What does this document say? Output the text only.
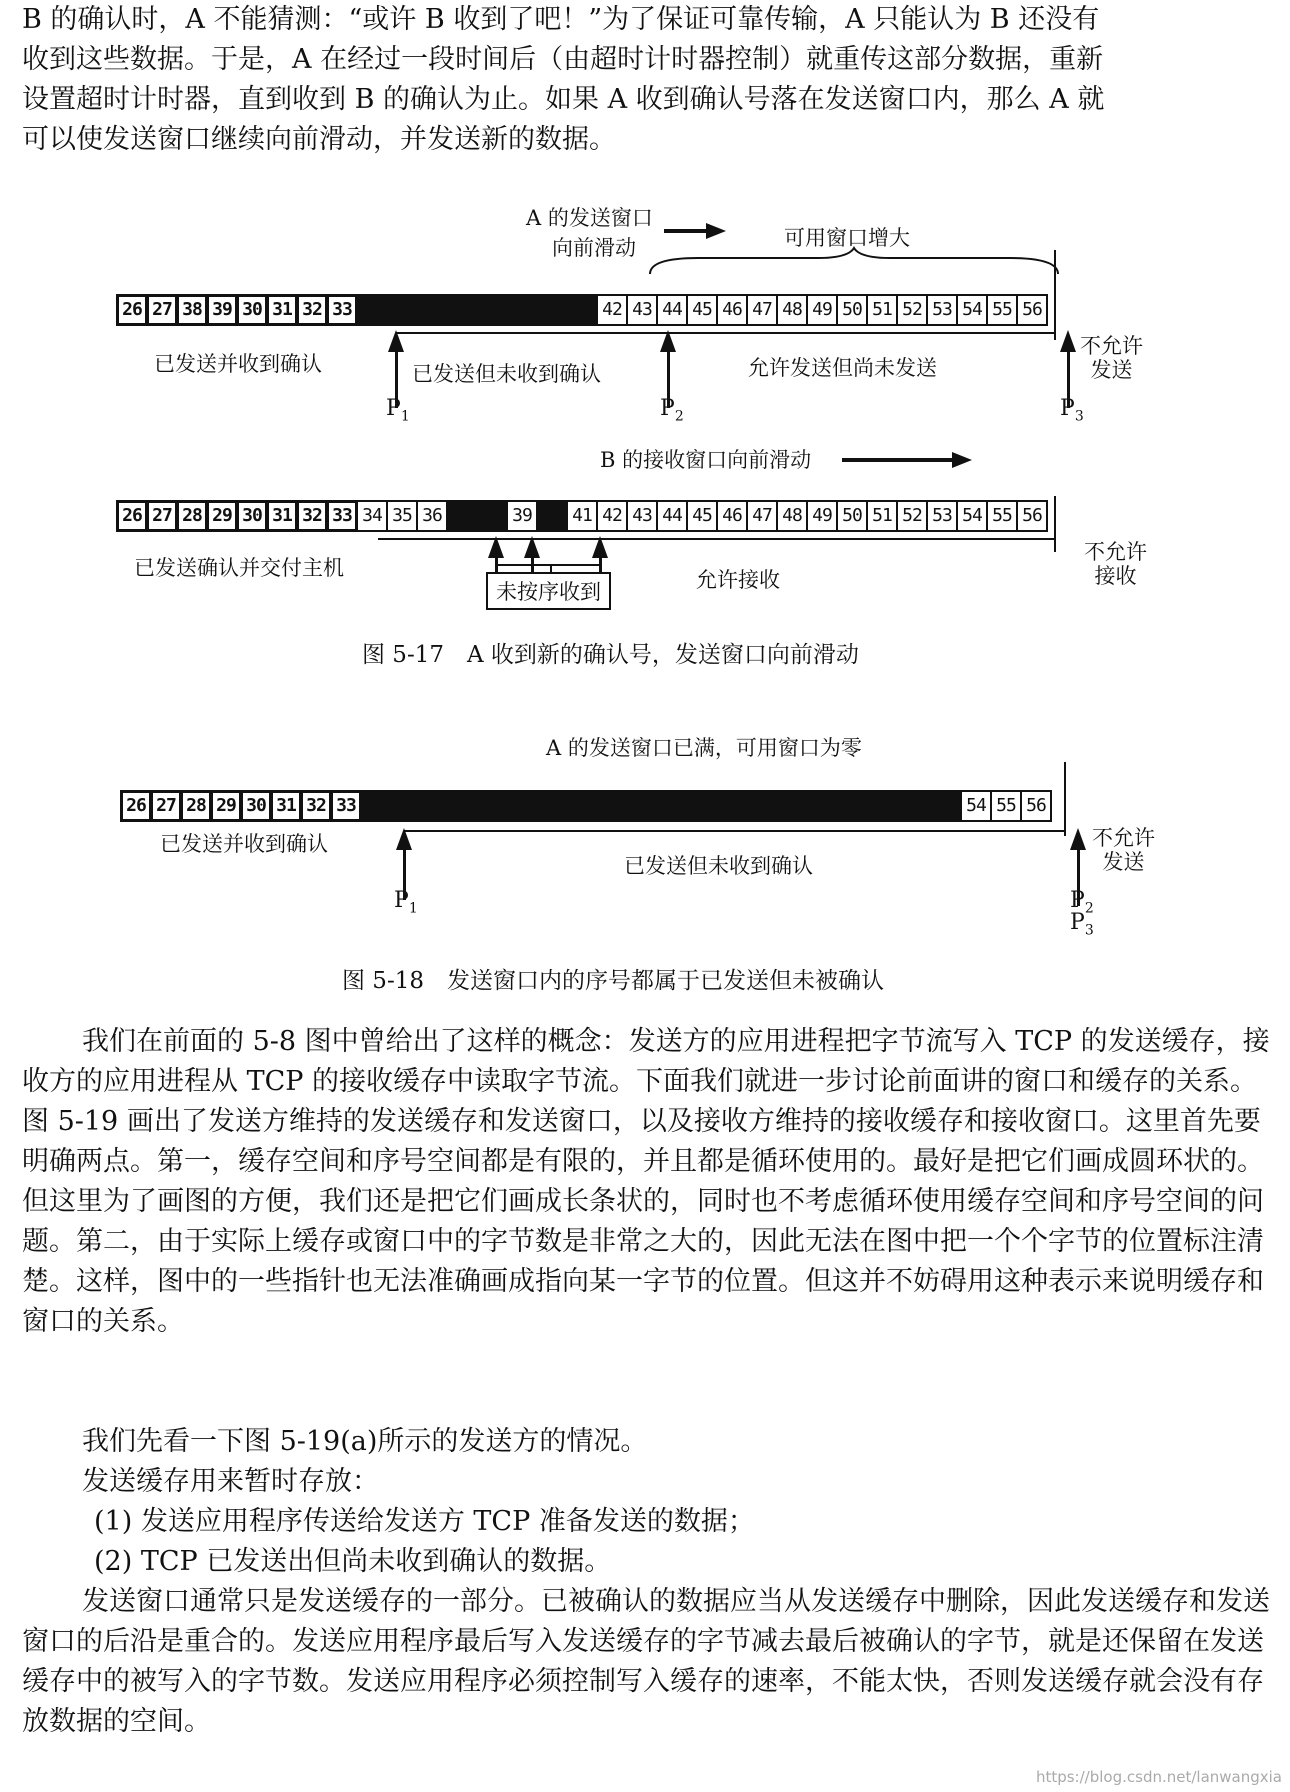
B 的确认时，A 不能猜测：“或许 B 收到了吧！”为了保证可靠传输，A 只能认为 B 还没有
收到这些数据。于是，A 在经过一段时间后（由超时计时器控制）就重传这部分数据，重新
设置超时计时器，直到收到 B 的确认为止。如果 A 收到确认号落在发送窗口内，那么 A 就
可以使发送窗口继续向前滑动，并发送新的数据。
A 的发送窗口
向前滑动	可用窗口增大
26 27 38 39 30 31 32 33	42 43 44 45 46 47 48 49 50 51 52 53 54 55 56
已发送并收到确认	已发送但未收到确认	允许发送但尚未发送
不允许
发送
$P_1$	$P_2$	$P_3$
B 的接收窗口向前滑动
26 27 28 29 30 31 32 33 34 35 36	39	41 42 43 44 45 46 47 48 49 50 51 52 53 54 55 56
已发送确认并交付主机
未按序收到	允许接收
不允许
接收
图 5-17　A 收到新的确认号，发送窗口向前滑动
A 的发送窗口已满，可用窗口为零
26 27 28 29 30 31 32 33	54 55 56
已发送并收到确认
已发送但未收到确认
不允许
发送
$P_1$	$P_2$
$P_3$
图 5-18　发送窗口内的序号都属于已发送但未被确认

我们在前面的 5-8 图中曾给出了这样的概念：发送方的应用进程把字节流写入 TCP 的发送缓存，接收方的应用进程从 TCP 的接收缓存中读取字节流。下面我们就进一步讨论前面讲的窗口和缓存的关系。图 5-19 画出了发送方维持的发送缓存和发送窗口，以及接收方维持的接收缓存和接收窗口。这里首先要明确两点。第一，缓存空间和序号空间都是有限的，并且都是循环使用的。最好是把它们画成圆环状的。但这里为了画图的方便，我们还是把它们画成长条状的，同时也不考虑循环使用缓存空间和序号空间的问题。第二，由于实际上缓存或窗口中的字节数是非常之大的，因此无法在图中把一个个字节的位置标注清楚。这样，图中的一些指针也无法准确画成指向某一字节的位置。但这并不妨碍用这种表示来说明缓存和窗口的关系。

我们先看一下图 5-19(a)所示的发送方的情况。

发送缓存用来暂时存放：

(1) 发送应用程序传送给发送方 TCP 准备发送的数据；

(2) TCP 已发送出但尚未收到确认的数据。

发送窗口通常只是发送缓存的一部分。已被确认的数据应当从发送缓存中删除，因此发送缓存和发送窗口的后沿是重合的。发送应用程序最后写入发送缓存的字节减去最后被确认的字节，就是还保留在发送缓存中的被写入的字节数。发送应用程序必须控制写入缓存的速率，不能太快，否则发送缓存就会没有存放数据的空间。

https://blog.csdn.net/lanwangxia
